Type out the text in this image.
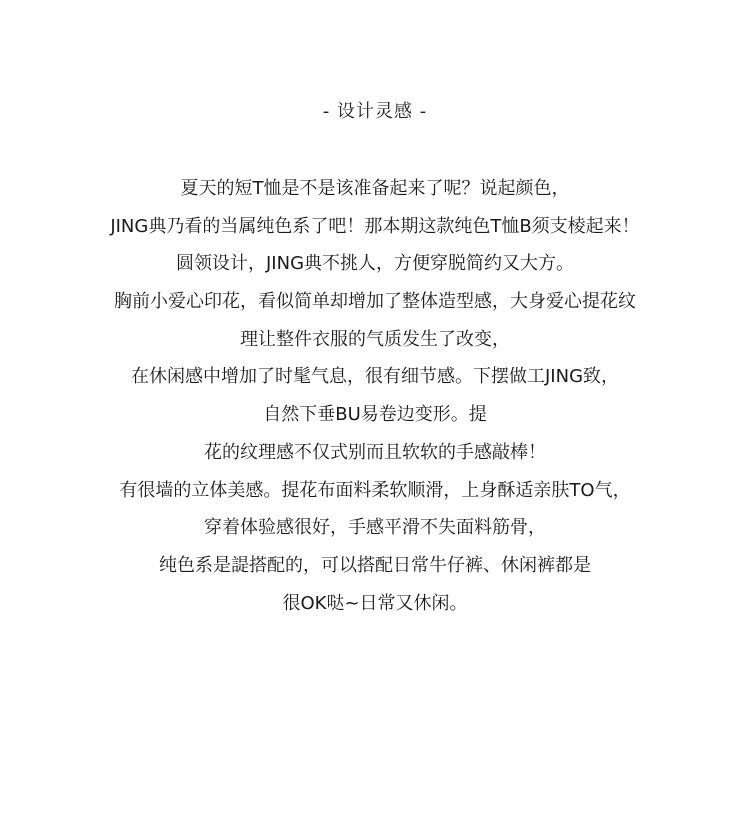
- 设计灵感 -
夏天的短T恤是不是该准备起来了呢？说起颜色，
JING典乃看的当属纯色系了吧！那本期这款纯色T恤B须支棱起来！
圆领设计，JING典不挑人，方便穿脱简约又大方。
胸前小爱心印花，看似简单却增加了整体造型感，大身爱心提花纹
理让整件衣服的气质发生了改变，
在休闲感中增加了时髦气息，很有细节感。下摆做工JING致，
自然下垂BU易卷边变形。提
花的纹理感不仅式别而且软软的手感敲棒！
有很墙的立体美感。提花布面料柔软顺滑，上身酥适亲肤TO气，
穿着体验感很好，手感平滑不失面料筋骨，
纯色系是諟搭配的，可以搭配日常牛仔裤、休闲裤都是
很OK哒~日常又休闲。
